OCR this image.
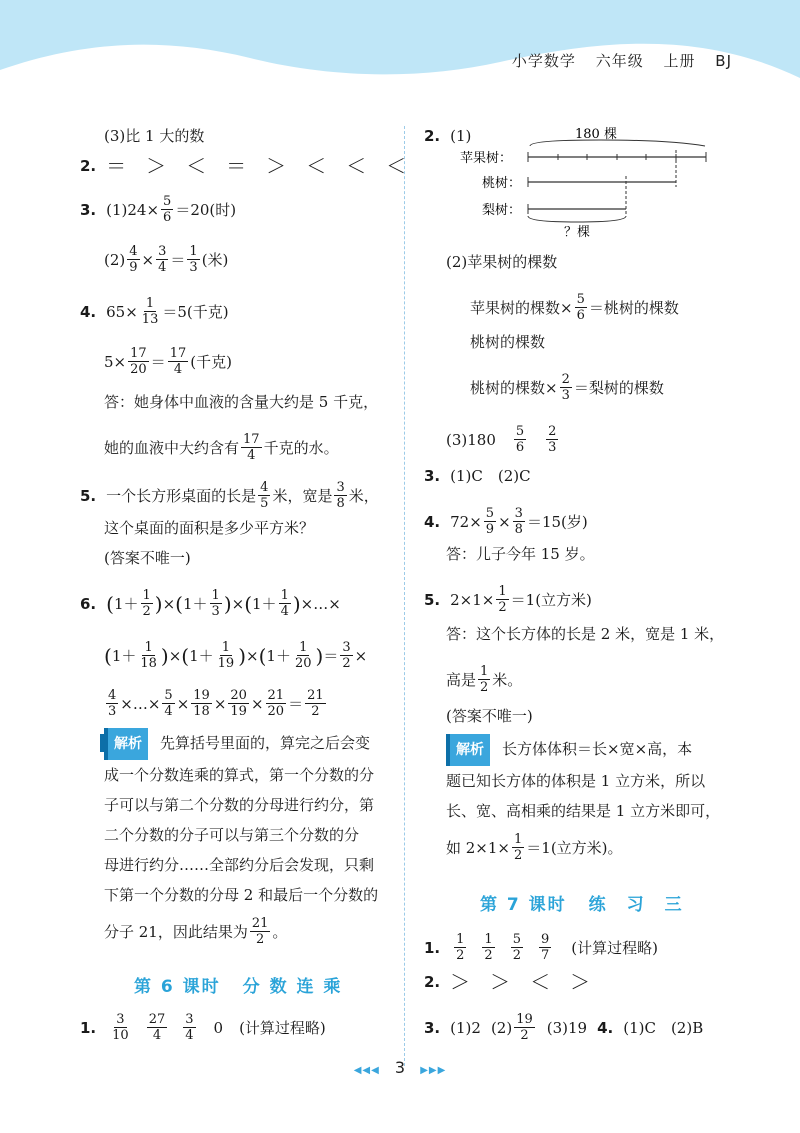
小学数学 六年级 上册 BJ
(3)比 1 大的数
2. ＝　＞　＜　＝　＞　＜　＜　＜
3. $(1)24\times \frac{5}{6} =20$(时)
$(2) \frac{4}{9} \times \frac{3}{4} = \frac{1}{3}$ (米)
4. $65\times \frac{1}{13} =5$(千克)
$5\times \frac{17}{20} = \frac{17}{4}$ (千克)
答：她身体中血液的含量大约是 5 千克，
她的血液中大约含有 $\frac{17}{4}$ 千克的水。
5. 一个长方形桌面的长是 $\frac{4}{5}$ 米，宽是 $\frac{3}{8}$ 米，
这个桌面的面积是多少平方米？
(答案不唯一)
6. ( $1+ \frac{1}{2}$ ) × ( $1+ \frac{1}{3}$ ) × ( $1+ \frac{1}{4}$ ) ×…×
( $1+ \frac{1}{18}$ ) × ( $1+ \frac{1}{19}$ ) × ( $1+ \frac{1}{20}$ ) ＝ $\frac{3}{2}$ ×
$\frac{4}{3}$ ×…× $\frac{5}{4} \times \frac{19}{18} \times \frac{20}{19} \times \frac{21}{20} = \frac{21}{2}$
解析 先算括号里面的，算完之后会变
成一个分数连乘的算式，第一个分数的分
子可以与第二个分数的分母进行约分，第
二个分数的分子可以与第三个分数的分
母进行约分……全部约分后会发现，只剩
下第一个分数的分母 2 和最后一个分数的
分子 21，因此结果为 $\frac{21}{2}$ 。
第 6 课时 分 数 连 乘
1. $\frac{3}{10} \frac{27}{4} \frac{3}{4} 0$ (计算过程略)
2. (1)	180 棵
苹果树：
桃树：
梨树：
？棵
(2)苹果树的棵数
苹果树的棵数× $\frac{5}{6}$ ＝桃树的棵数
桃树的棵数
桃树的棵数× $\frac{2}{3}$ ＝梨树的棵数
$(3)180 \frac{5}{6} \frac{2}{3}$
3. (1)C　(2)C
4. $72\times \frac{5}{9} \times \frac{3}{8} =15$(岁)
答：儿子今年 15 岁。
5. $2\times 1\times \frac{1}{2} =1$(立方米)
答：这个长方体的长是 2 米，宽是 1 米，
高是 $\frac{1}{2}$ 米。
(答案不唯一)
解析 长方体体积＝长×宽×高，本
题已知长方体的体积是 1 立方米，所以
长、宽、高相乘的结果是 1 立方米即可，
如 $2\times 1\times \frac{1}{2} =1$(立方米)。
第 7 课时 练　习　三
1. $\frac{1}{2} \frac{1}{2} \frac{5}{2} \frac{9}{7}$ (计算过程略)
2. ＞　＞　＜　＞
3. (1)2 $(2) \frac{19}{2} (3)19$ 4. (1)C　(2)B
◀◀◀ 3 ▶▶▶
